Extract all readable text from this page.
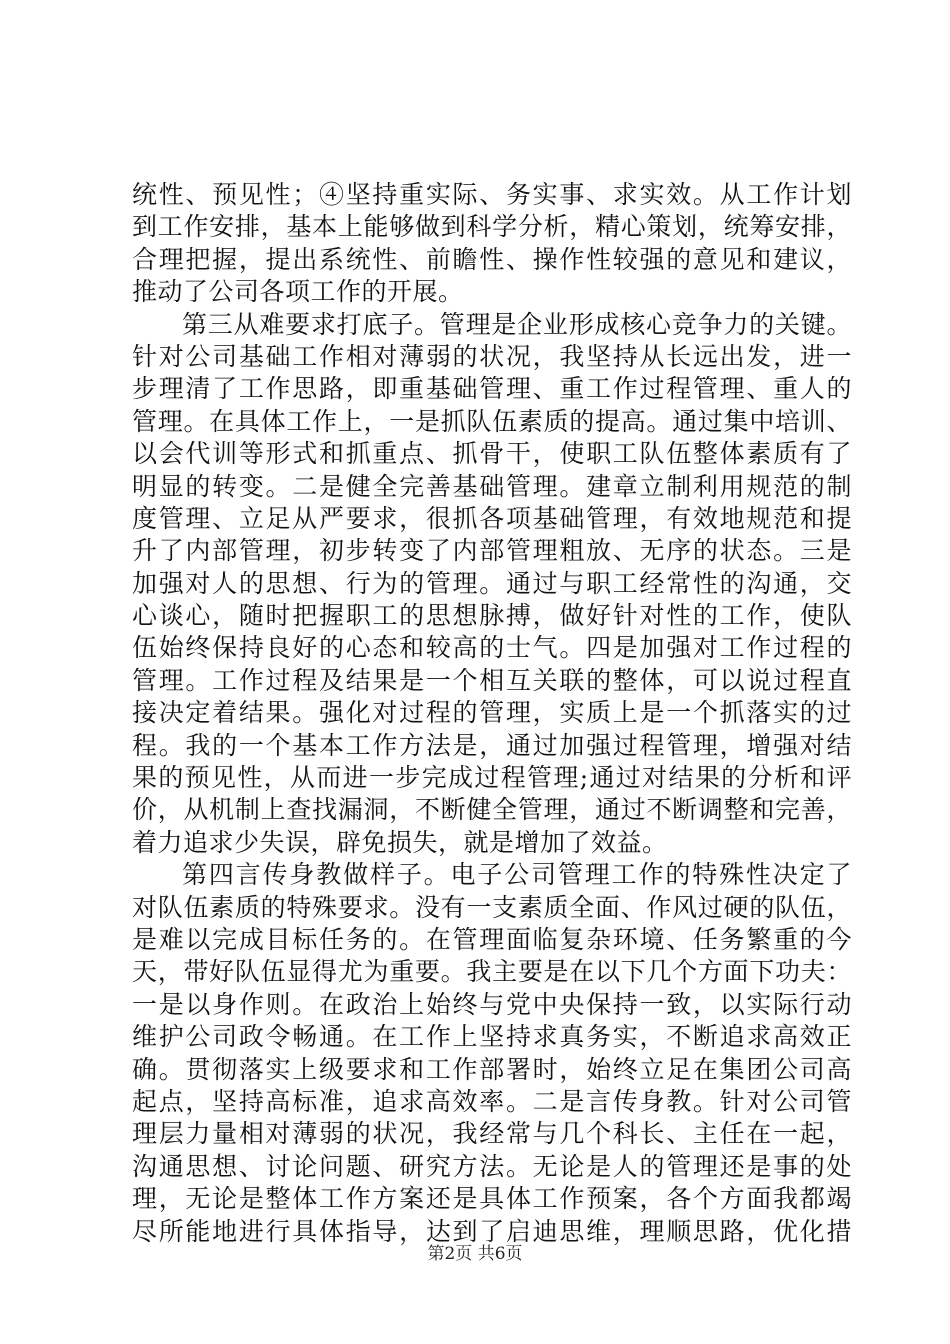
统性、预见性；④坚持重实际、务实事、求实效。从工作计划
到工作安排，基本上能够做到科学分析，精心策划，统筹安排，
合理把握，提出系统性、前瞻性、操作性较强的意见和建议，
推动了公司各项工作的开展。
第三从难要求打底子。管理是企业形成核心竞争力的关键。
针对公司基础工作相对薄弱的状况，我坚持从长远出发，进一
步理清了工作思路，即重基础管理、重工作过程管理、重人的
管理。在具体工作上，一是抓队伍素质的提高。通过集中培训、
以会代训等形式和抓重点、抓骨干，使职工队伍整体素质有了
明显的转变。二是健全完善基础管理。建章立制利用规范的制
度管理、立足从严要求，很抓各项基础管理，有效地规范和提
升了内部管理，初步转变了内部管理粗放、无序的状态。三是
加强对人的思想、行为的管理。通过与职工经常性的沟通，交
心谈心，随时把握职工的思想脉搏，做好针对性的工作，使队
伍始终保持良好的心态和较高的士气。四是加强对工作过程的
管理。工作过程及结果是一个相互关联的整体，可以说过程直
接决定着结果。强化对过程的管理，实质上是一个抓落实的过
程。我的一个基本工作方法是，通过加强过程管理，增强对结
果的预见性，从而进一步完成过程管理;通过对结果的分析和评
价，从机制上查找漏洞，不断健全管理，通过不断调整和完善，
着力追求少失误，辟免损失，就是增加了效益。
第四言传身教做样子。电子公司管理工作的特殊性决定了
对队伍素质的特殊要求。没有一支素质全面、作风过硬的队伍，
是难以完成目标任务的。在管理面临复杂环境、任务繁重的今
天，带好队伍显得尤为重要。我主要是在以下几个方面下功夫：
一是以身作则。在政治上始终与党中央保持一致，以实际行动
维护公司政令畅通。在工作上坚持求真务实，不断追求高效正
确。贯彻落实上级要求和工作部署时，始终立足在集团公司高
起点，坚持高标准，追求高效率。二是言传身教。针对公司管
理层力量相对薄弱的状况，我经常与几个科长、主任在一起，
沟通思想、讨论问题、研究方法。无论是人的管理还是事的处
理，无论是整体工作方案还是具体工作预案，各个方面我都竭
尽所能地进行具体指导，达到了启迪思维，理顺思路，优化措
第2页 共6页
